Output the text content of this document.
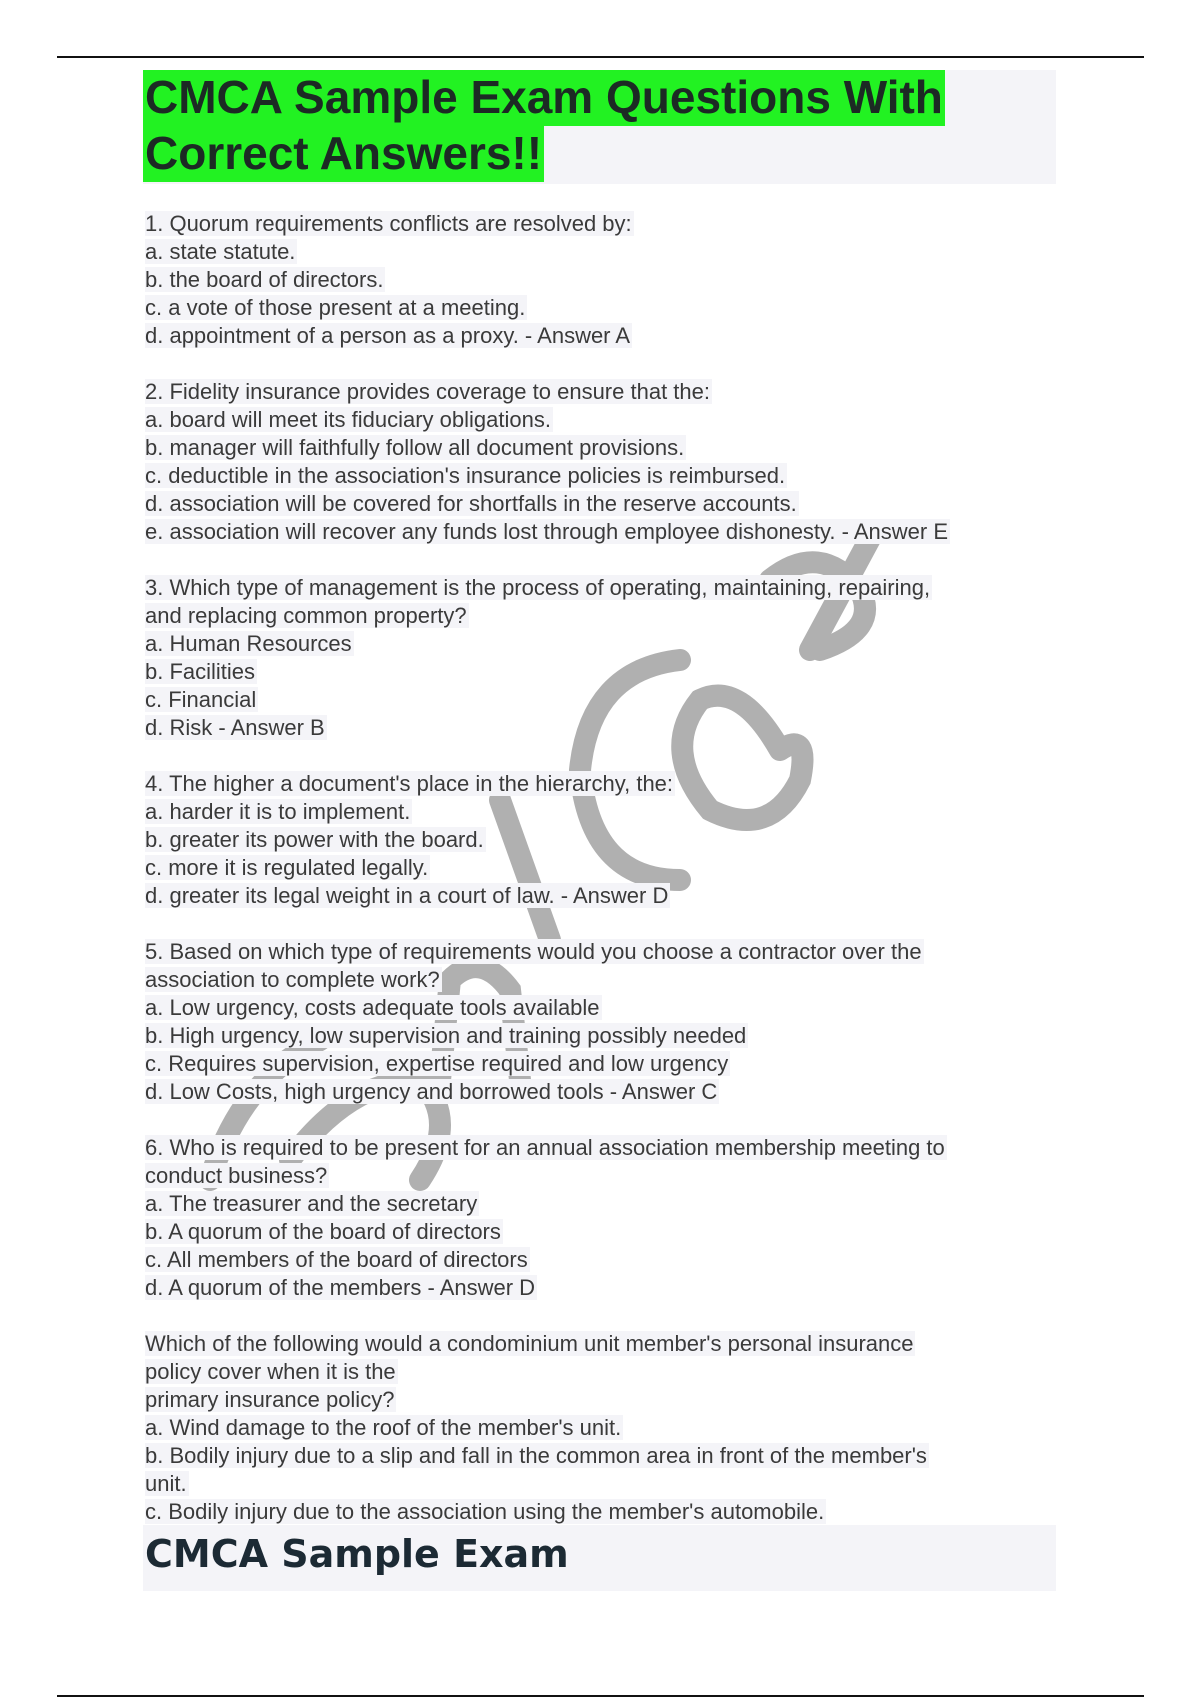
CMCA Sample Exam Questions With
Correct Answers!!
1. Quorum requirements conflicts are resolved by:
a. state statute.
b. the board of directors.
c. a vote of those present at a meeting.
d. appointment of a person as a proxy. - Answer A
2. Fidelity insurance provides coverage to ensure that the:
a. board will meet its fiduciary obligations.
b. manager will faithfully follow all document provisions.
c. deductible in the association's insurance policies is reimbursed.
d. association will be covered for shortfalls in the reserve accounts.
e. association will recover any funds lost through employee dishonesty. - Answer E
3. Which type of management is the process of operating, maintaining, repairing,
and replacing common property?
a. Human Resources
b. Facilities
c. Financial
d. Risk - Answer B
4. The higher a document's place in the hierarchy, the:
a. harder it is to implement.
b. greater its power with the board.
c. more it is regulated legally.
d. greater its legal weight in a court of law. - Answer D
5. Based on which type of requirements would you choose a contractor over the
association to complete work?
a. Low urgency, costs adequate tools available
b. High urgency, low supervision and training possibly needed
c. Requires supervision, expertise required and low urgency
d. Low Costs, high urgency and borrowed tools - Answer C
6. Who is required to be present for an annual association membership meeting to
conduct business?
a. The treasurer and the secretary
b. A quorum of the board of directors
c. All members of the board of directors
d. A quorum of the members - Answer D
Which of the following would a condominium unit member's personal insurance
policy cover when it is the
primary insurance policy?
a. Wind damage to the roof of the member's unit.
b. Bodily injury due to a slip and fall in the common area in front of the member's
unit.
c. Bodily injury due to the association using the member's automobile.
CMCA Sample Exam
